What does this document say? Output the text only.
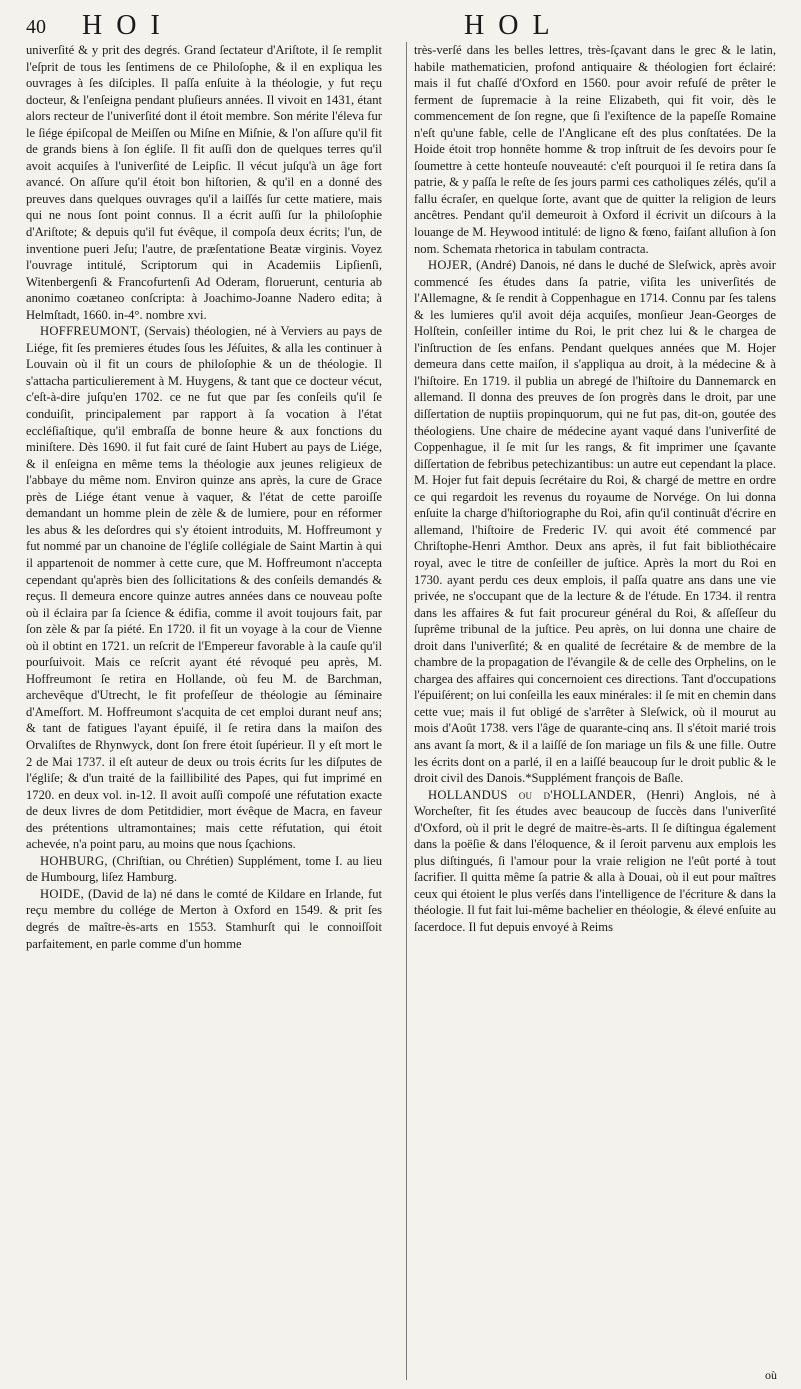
40 HOI	HOL

univerſité & y prit des degrés. Grand ſectateur d'Ariſtote, il ſe remplit l'eſprit de tous les ſentimens de ce Philoſophe, & il en expliqua les ouvrages à ſes diſciples. Il paſſa enſuite à la théologie, y fut reçu docteur, & l'enſeigna pendant pluſieurs années. Il vivoit en 1431, étant alors recteur de l'univerſité dont il étoit membre. Son mérite l'éleva fur le ſiége épiſcopal de Meiſſen ou Miſne en Miſnie, & l'on aſſure qu'il fit de grands biens à ſon égliſe. Il fit auſſi don de quelques terres qu'il avoit acquiſes à l'univerſité de Leipſic. Il vécut juſqu'à un âge fort avancé. On aſſure qu'il étoit bon hiſtorien, & qu'il en a donné des preuves dans quelques ouvrages qu'il a laiſſés ſur cette matiere, mais qui ne nous ſont point connus. Il a écrit auſſi ſur la philoſophie d'Ariſtote; & depuis qu'il fut évêque, il compoſa deux écrits; l'un, de inventione pueri Jeſu; l'autre, de præſentatione Beatæ virginis. Voyez l'ouvrage intitulé, Scriptorum qui in Academiis Lipſienſi, Witenbergenſi & Francofurtenſi Ad Oderam, floruerunt, centuria ab anonimo coætaneo conſcripta: à Joachimo-Joanne Nadero edita; à Helmſtadt, 1660. in-4°. nombre xvi.

HOFFREUMONT, (Servais) théologien, né à Verviers au pays de Liége, fit ſes premieres études ſous les Jéſuites, & alla les continuer à Louvain où il fit un cours de philoſophie & un de théologie. Il s'attacha particulierement à M. Huygens, & tant que ce docteur vécut, c'eſt-à-dire juſqu'en 1702. ce ne fut que par ſes conſeils qu'il ſe conduiſit, principalement par rapport à ſa vocation à l'état eccléſiaſtique, qu'il embraſſa de bonne heure & aux fonctions du miniſtere. Dès 1690. il fut fait curé de ſaint Hubert au pays de Liége, & il enſeigna en même tems la théologie aux jeunes religieux de l'abbaye du même nom. Environ quinze ans après, la cure de Grace près de Liége étant venue à vaquer, & l'état de cette paroiſſe demandant un homme plein de zèle & de lumiere, pour en réformer les abus & les deſordres qui s'y étoient introduits, M. Hoffreumont y fut nommé par un chanoine de l'égliſe collégiale de Saint Martin à qui il appartenoit de nommer à cette cure, que M. Hoffreumont n'accepta cependant qu'après bien des ſollicitations & des conſeils demandés & reçus. Il demeura encore quinze autres années dans ce nouveau poſte où il éclaira par ſa ſcience & édifia, comme il avoit toujours fait, par ſon zèle & par ſa piété. En 1720. il fit un voyage à la cour de Vienne où il obtint en 1721. un reſcrit de l'Empereur favorable à la cauſe qu'il pourſuivoit. Mais ce reſcrit ayant été révoqué peu après, M. Hoffreumont ſe retira en Hollande, où feu M. de Barchman, archevêque d'Utrecht, le fit profeſſeur de théologie au ſéminaire d'Ameſfort. M. Hoffreumont s'acquita de cet emploi durant neuf ans; & tant de fatigues l'ayant épuiſé, il ſe retira dans la maiſon des Orvaliſtes de Rhynwyck, dont ſon frere étoit ſupérieur. Il y eſt mort le 2 de Mai 1737. il eſt auteur de deux ou trois écrits ſur les diſputes de l'égliſe; & d'un traité de la faillibilité des Papes, qui fut imprimé en 1720. en deux vol. in-12. Il avoit auſſi compoſé une réfutation exacte de deux livres de dom Petitdidier, mort évêque de Macra, en faveur des prétentions ultramontaines; mais cette réfutation, qui étoit achevée, n'a point paru, au moins que nous ſçachions.

HOHBURG, (Chriſtian, ou Chrétien) Supplément, tome I. au lieu de Humbourg, liſez Hamburg.

HOIDE, (David de la) né dans le comté de Kildare en Irlande, fut reçu membre du collége de Merton à Oxford en 1549. & prit ſes degrés de maître-ès-arts en 1553. Stamhurſt qui le connoiſſoit parfaitement, en parle comme d'un homme

très-verſé dans les belles lettres, très-ſçavant dans le grec & le latin, habile mathematicien, profond antiquaire & théologien fort éclairé: mais il fut chaſſé d'Oxford en 1560. pour avoir refuſé de prêter le ferment de ſupremacie à la reine Elizabeth, qui fit voir, dès le commencement de ſon regne, que ſi l'exiſtence de la papeſſe Romaine n'eſt qu'une fable, celle de l'Anglicane eſt des plus conſtatées. De la Hoide étoit trop honnête homme & trop inſtruit de ſes devoirs pour ſe ſoumettre à cette honteuſe nouveauté: c'eſt pourquoi il ſe retira dans ſa patrie, & y paſſa le reſte de ſes jours parmi ces catholiques zélés, qu'il a fallu écraſer, en quelque ſorte, avant que de quitter la religion de leurs ancêtres. Pendant qu'il demeuroit à Oxford il écrivit un diſcours à la louange de M. Heywood intitulé: de ligno & fœno, faiſant alluſion à ſon nom. Schemata rhetorica in tabulam contracta.

HOJER, (André) Danois, né dans le duché de Sleſwick, après avoir commencé ſes études dans ſa patrie, viſita les univerſités de l'Allemagne, & ſe rendit à Coppenhague en 1714. Connu par ſes talens & les lumieres qu'il avoit déja acquiſes, monſieur Jean-Georges de Holſtein, conſeiller intime du Roi, le prit chez lui & le chargea de l'inſtruction de ſes enfans. Pendant quelques années que M. Hojer demeura dans cette maiſon, il s'appliqua au droit, à la médecine & à l'hiſtoire. En 1719. il publia un abregé de l'hiſtoire du Dannemarck en allemand. Il donna des preuves de ſon progrès dans le droit, par une diſſertation de nuptiis propinquorum, qui ne fut pas, dit-on, goutée des théologiens. Une chaire de médecine ayant vaqué dans l'univerſité de Coppenhague, il ſe mit ſur les rangs, & fit imprimer une ſçavante diſſertation de febribus petechizantibus: un autre eut cependant la place. M. Hojer fut fait depuis ſecrétaire du Roi, & chargé de mettre en ordre ce qui regardoit les revenus du royaume de Norvége. On lui donna enſuite la charge d'hiſtoriographe du Roi, afin qu'il continuât d'écrire en allemand, l'hiſtoire de Frederic IV. qui avoit été commencé par Chriſtophe-Henri Amthor. Deux ans après, il fut fait bibliothécaire royal, avec le titre de conſeiller de juſtice. Après la mort du Roi en 1730. ayant perdu ces deux emplois, il paſſa quatre ans dans une vie privée, ne s'occupant que de la lecture & de l'étude. En 1734. il rentra dans les affaires & fut fait procureur général du Roi, & aſſeſſeur du ſuprême tribunal de la juſtice. Peu après, on lui donna une chaire de droit dans l'univerſité; & en qualité de ſecrétaire & de membre de la chambre de la propagation de l'évangile & de celle des Orphelins, on le chargea des affaires qui concernoient ces directions. Tant d'occupations l'épuiſérent; on lui conſeilla les eaux minérales: il ſe mit en chemin dans cette vue; mais il fut obligé de s'arrêter à Sleſwick, où il mourut au mois d'Août 1738. vers l'âge de quarante-cinq ans. Il s'étoit marié trois ans avant ſa mort, & il a laiſſé de ſon mariage un fils & une fille. Outre les écrits dont on a parlé, il en a laiſſé beaucoup ſur le droit public & le droit civil des Danois.*Supplément françois de Baſle.

HOLLANDUS ou d'HOLLANDER, (Henri) Anglois, né à Worcheſter, fit ſes études avec beaucoup de ſuccès dans l'univerſité d'Oxford, où il prit le degré de maitre-ès-arts. Il ſe diſtingua également dans la poëſie & dans l'éloquence, & il ſeroit parvenu aux emplois les plus diſtingués, ſi l'amour pour la vraie religion ne l'eût porté à tout ſacrifier. Il quitta même ſa patrie & alla à Douai, où il eut pour maîtres ceux qui étoient le plus verſés dans l'intelligence de l'écriture & dans la théologie. Il fut fait lui-même bachelier en théologie, & élevé enſuite au ſacerdoce. Il fut depuis envoyé à Reims

où
